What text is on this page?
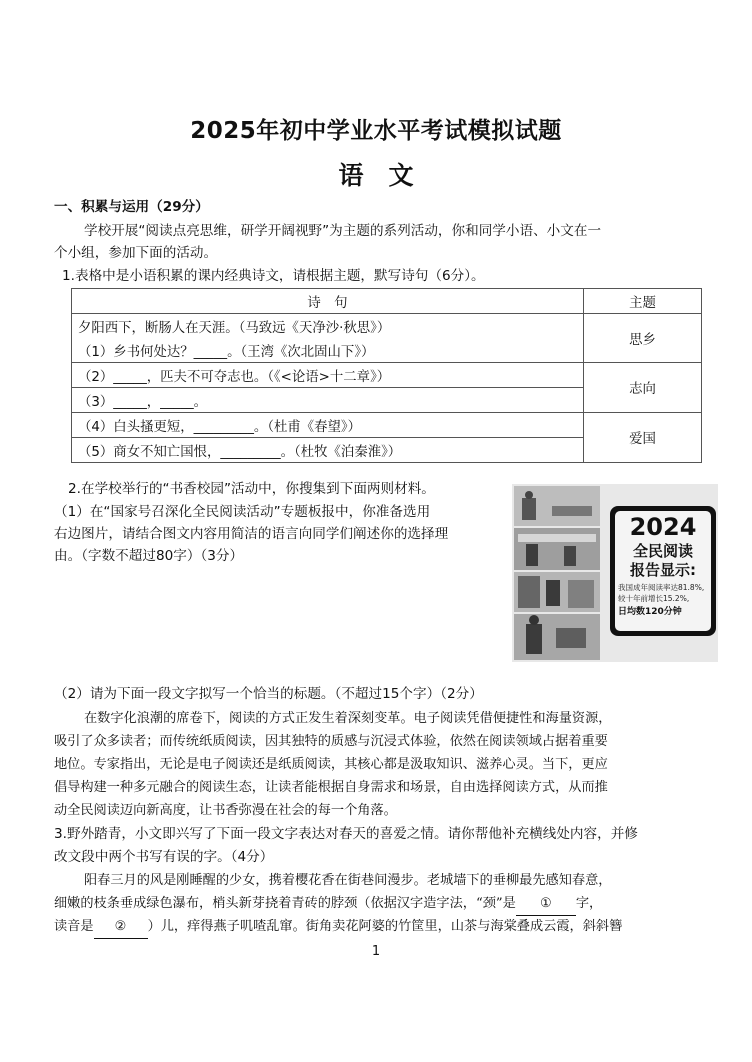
2025年初中学业水平考试模拟试题
语　文
一、积累与运用（29分）
学校开展“阅读点亮思维，研学开阔视野”为主题的系列活动，你和同学小语、小文在一
个小组，参加下面的活动。
1.表格中是小语积累的课内经典诗文，请根据主题，默写诗句（6分）。
诗　句	主题
夕阳西下，断肠人在天涯。（马致远《天净沙·秋思》）	思乡
（1）乡书何处达？_____。（王湾《次北固山下》）	
（2）_____，匹夫不可夺志也。（《<论语>十二章》）	志向
（3）_____，_____。	
（4）白头搔更短，_________。（杜甫《春望》）	爱国
（5）商女不知亡国恨，_________。（杜牧《泊秦淮》）	
2.在学校举行的“书香校园”活动中，你搜集到下面两则材料。
（1）在“国家号召深化全民阅读活动”专题板报中，你准备选用
右边图片，请结合图文内容用简洁的语言向同学们阐述你的选择理
由。（字数不超过80字）（3分）
2024
全民阅读
报告显示:
我国成年阅读率达81.8%,
较十年前增长15.2%,
日均数120分钟
（2）请为下面一段文字拟写一个恰当的标题。（不超过15个字）（2分）
在数字化浪潮的席卷下，阅读的方式正发生着深刻变革。电子阅读凭借便捷性和海量资源，
吸引了众多读者；而传统纸质阅读，因其独特的质感与沉浸式体验，依然在阅读领域占据着重要
地位。专家指出，无论是电子阅读还是纸质阅读，其核心都是汲取知识、滋养心灵。当下，更应
倡导构建一种多元融合的阅读生态，让读者能根据自身需求和场景，自由选择阅读方式，从而推
动全民阅读迈向新高度，让书香弥漫在社会的每一个角落。
3.野外踏青，小文即兴写了下面一段文字表达对春天的喜爱之情。请你帮他补充横线处内容，并修
改文段中两个书写有误的字。（4分）
阳春三月的风是刚睡醒的少女，携着樱花香在街巷间漫步。老城墙下的垂柳最先感知春意，
细嫩的枝条垂成绿色瀑布，梢头新芽挠着青砖的脖颈（依据汉字造字法，“颈”是 ① 字，
读音是 ② ）儿，痒得燕子叽喳乱窜。街角卖花阿婆的竹筐里，山茶与海棠叠成云霞，斜斜簪
1
